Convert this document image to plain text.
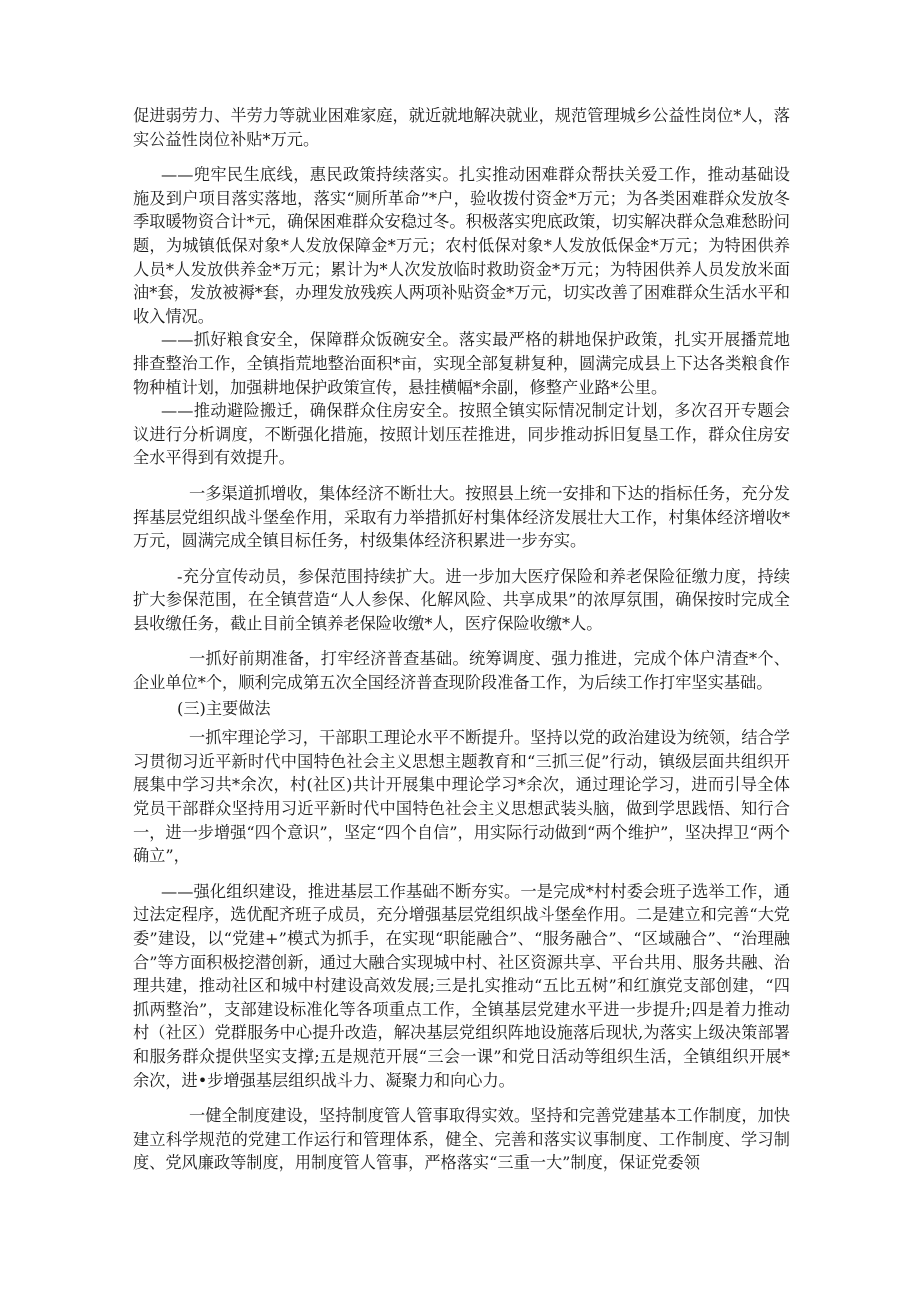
促进弱劳力、半劳力等就业困难家庭，就近就地解决就业，规范管理城乡公益性岗位*人，落实公益性岗位补贴*万元。

——兜牢民生底线，惠民政策持续落实。扎实推动困难群众帮扶关爱工作，推动基础设施及到户项目落实落地，落实“厕所革命”*户，验收拨付资金*万元；为各类困难群众发放冬季取暖物资合计*元，确保困难群众安稳过冬。积极落实兜底政策，切实解决群众急难愁盼问题，为城镇低保对象*人发放保障金*万元；农村低保对象*人发放低保金*万元；为特困供养人员*人发放供养金*万元；累计为*人次发放临时救助资金*万元；为特困供养人员发放米面油*套，发放被褥*套，办理发放残疾人两项补贴资金*万元，切实改善了困难群众生活水平和收入情况。

——抓好粮食安全，保障群众饭碗安全。落实最严格的耕地保护政策，扎实开展播荒地排查整治工作，全镇指荒地整治面积*亩，实现全部复耕复种，圆满完成县上下达各类粮食作物种植计划，加强耕地保护政策宣传，悬挂横幅*余副，修整产业路*公里。

——推动避险搬迁，确保群众住房安全。按照全镇实际情况制定计划，多次召开专题会议进行分析调度，不断强化措施，按照计划压茬推进，同步推动拆旧复垦工作，群众住房安全水平得到有效提升。

一多渠道抓增收，集体经济不断壮大。按照县上统一安排和下达的指标任务，充分发挥基层党组织战斗堡垒作用，采取有力举措抓好村集体经济发展壮大工作，村集体经济增收*万元，圆满完成全镇目标任务，村级集体经济积累进一步夯实。

-充分宣传动员，参保范围持续扩大。进一步加大医疗保险和养老保险征缴力度，持续扩大参保范围，在全镇营造“人人参保、化解风险、共享成果”的浓厚氛围，确保按时完成全县收缴任务，截止目前全镇养老保险收缴*人，医疗保险收缴*人。

一抓好前期准备，打牢经济普查基础。统筹调度、强力推进，完成个体户清查*个、企业单位*个，顺利完成第五次全国经济普查现阶段准备工作，为后续工作打牢坚实基础。

(三)主要做法

一抓牢理论学习，干部职工理论水平不断提升。坚持以党的政治建设为统领，结合学习贯彻习近平新时代中国特色社会主义思想主题教育和“三抓三促”行动，镇级层面共组织开展集中学习共*余次，村(社区)共计开展集中理论学习*余次，通过理论学习，进而引导全体党员干部群众坚持用习近平新时代中国特色社会主义思想武装头脑，做到学思践悟、知行合一，进一步增强“四个意识”，坚定“四个自信”，用实际行动做到“两个维护”，坚决捍卫“两个确立”，

——强化组织建设，推进基层工作基础不断夯实。一是完成*村村委会班子选举工作，通过法定程序，选优配齐班子成员，充分增强基层党组织战斗堡垒作用。二是建立和完善“大党委”建设，以“党建+”模式为抓手，在实现“职能融合”、“服务融合”、“区域融合”、“治理融合”等方面积极挖潜创新，通过大融合实现城中村、社区资源共享、平台共用、服务共融、治理共建，推动社区和城中村建设高效发展;三是扎实推动“五比五树”和红旗党支部创建，“四抓两整治”，支部建设标准化等各项重点工作，全镇基层党建水平进一步提升;四是着力推动村（社区）党群服务中心提升改造，解决基层党组织阵地设施落后现状,为落实上级决策部署和服务群众提供坚实支撑;五是规范开展“三会一课”和党日活动等组织生活，全镇组织开展*余次，进•步增强基层组织战斗力、凝聚力和向心力。

一健全制度建设，坚持制度管人管事取得实效。坚持和完善党建基本工作制度，加快建立科学规范的党建工作运行和管理体系，健全、完善和落实议事制度、工作制度、学习制度、党风廉政等制度，用制度管人管事，严格落实“三重一大”制度，保证党委领
